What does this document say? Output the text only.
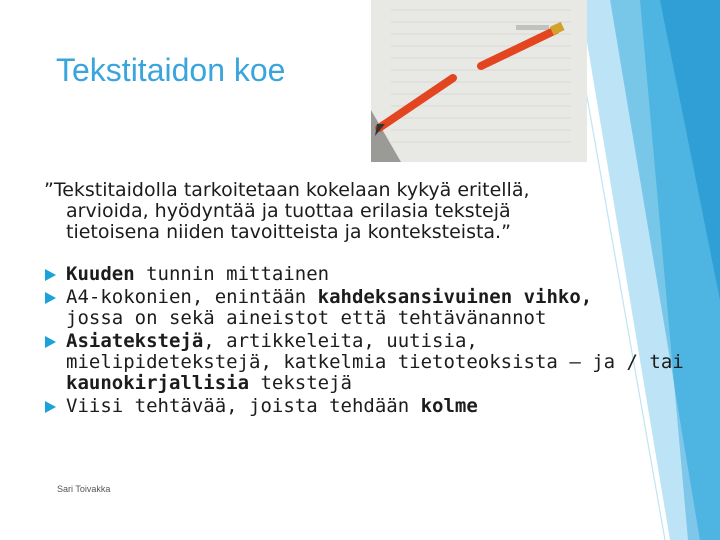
Tekstitaidon koe
”Tekstitaidolla tarkoitetaan kokelaan kykyä eritellä,
arvioida, hyödyntää ja tuottaa erilasia tekstejä
tietoisena niiden tavoitteista ja konteksteista.”
Kuuden tunnin mittainen
A4-kokonien, enintään kahdeksansivuinen vihko,
jossa on sekä aineistot että tehtävänannot
Asiatekstejä, artikkeleita, uutisia,
mielipidetekstejä, katkelmia tietoteoksista – ja / tai
kaunokirjallisia tekstejä
Viisi tehtävää, joista tehdään kolme
Sari Toivakka
